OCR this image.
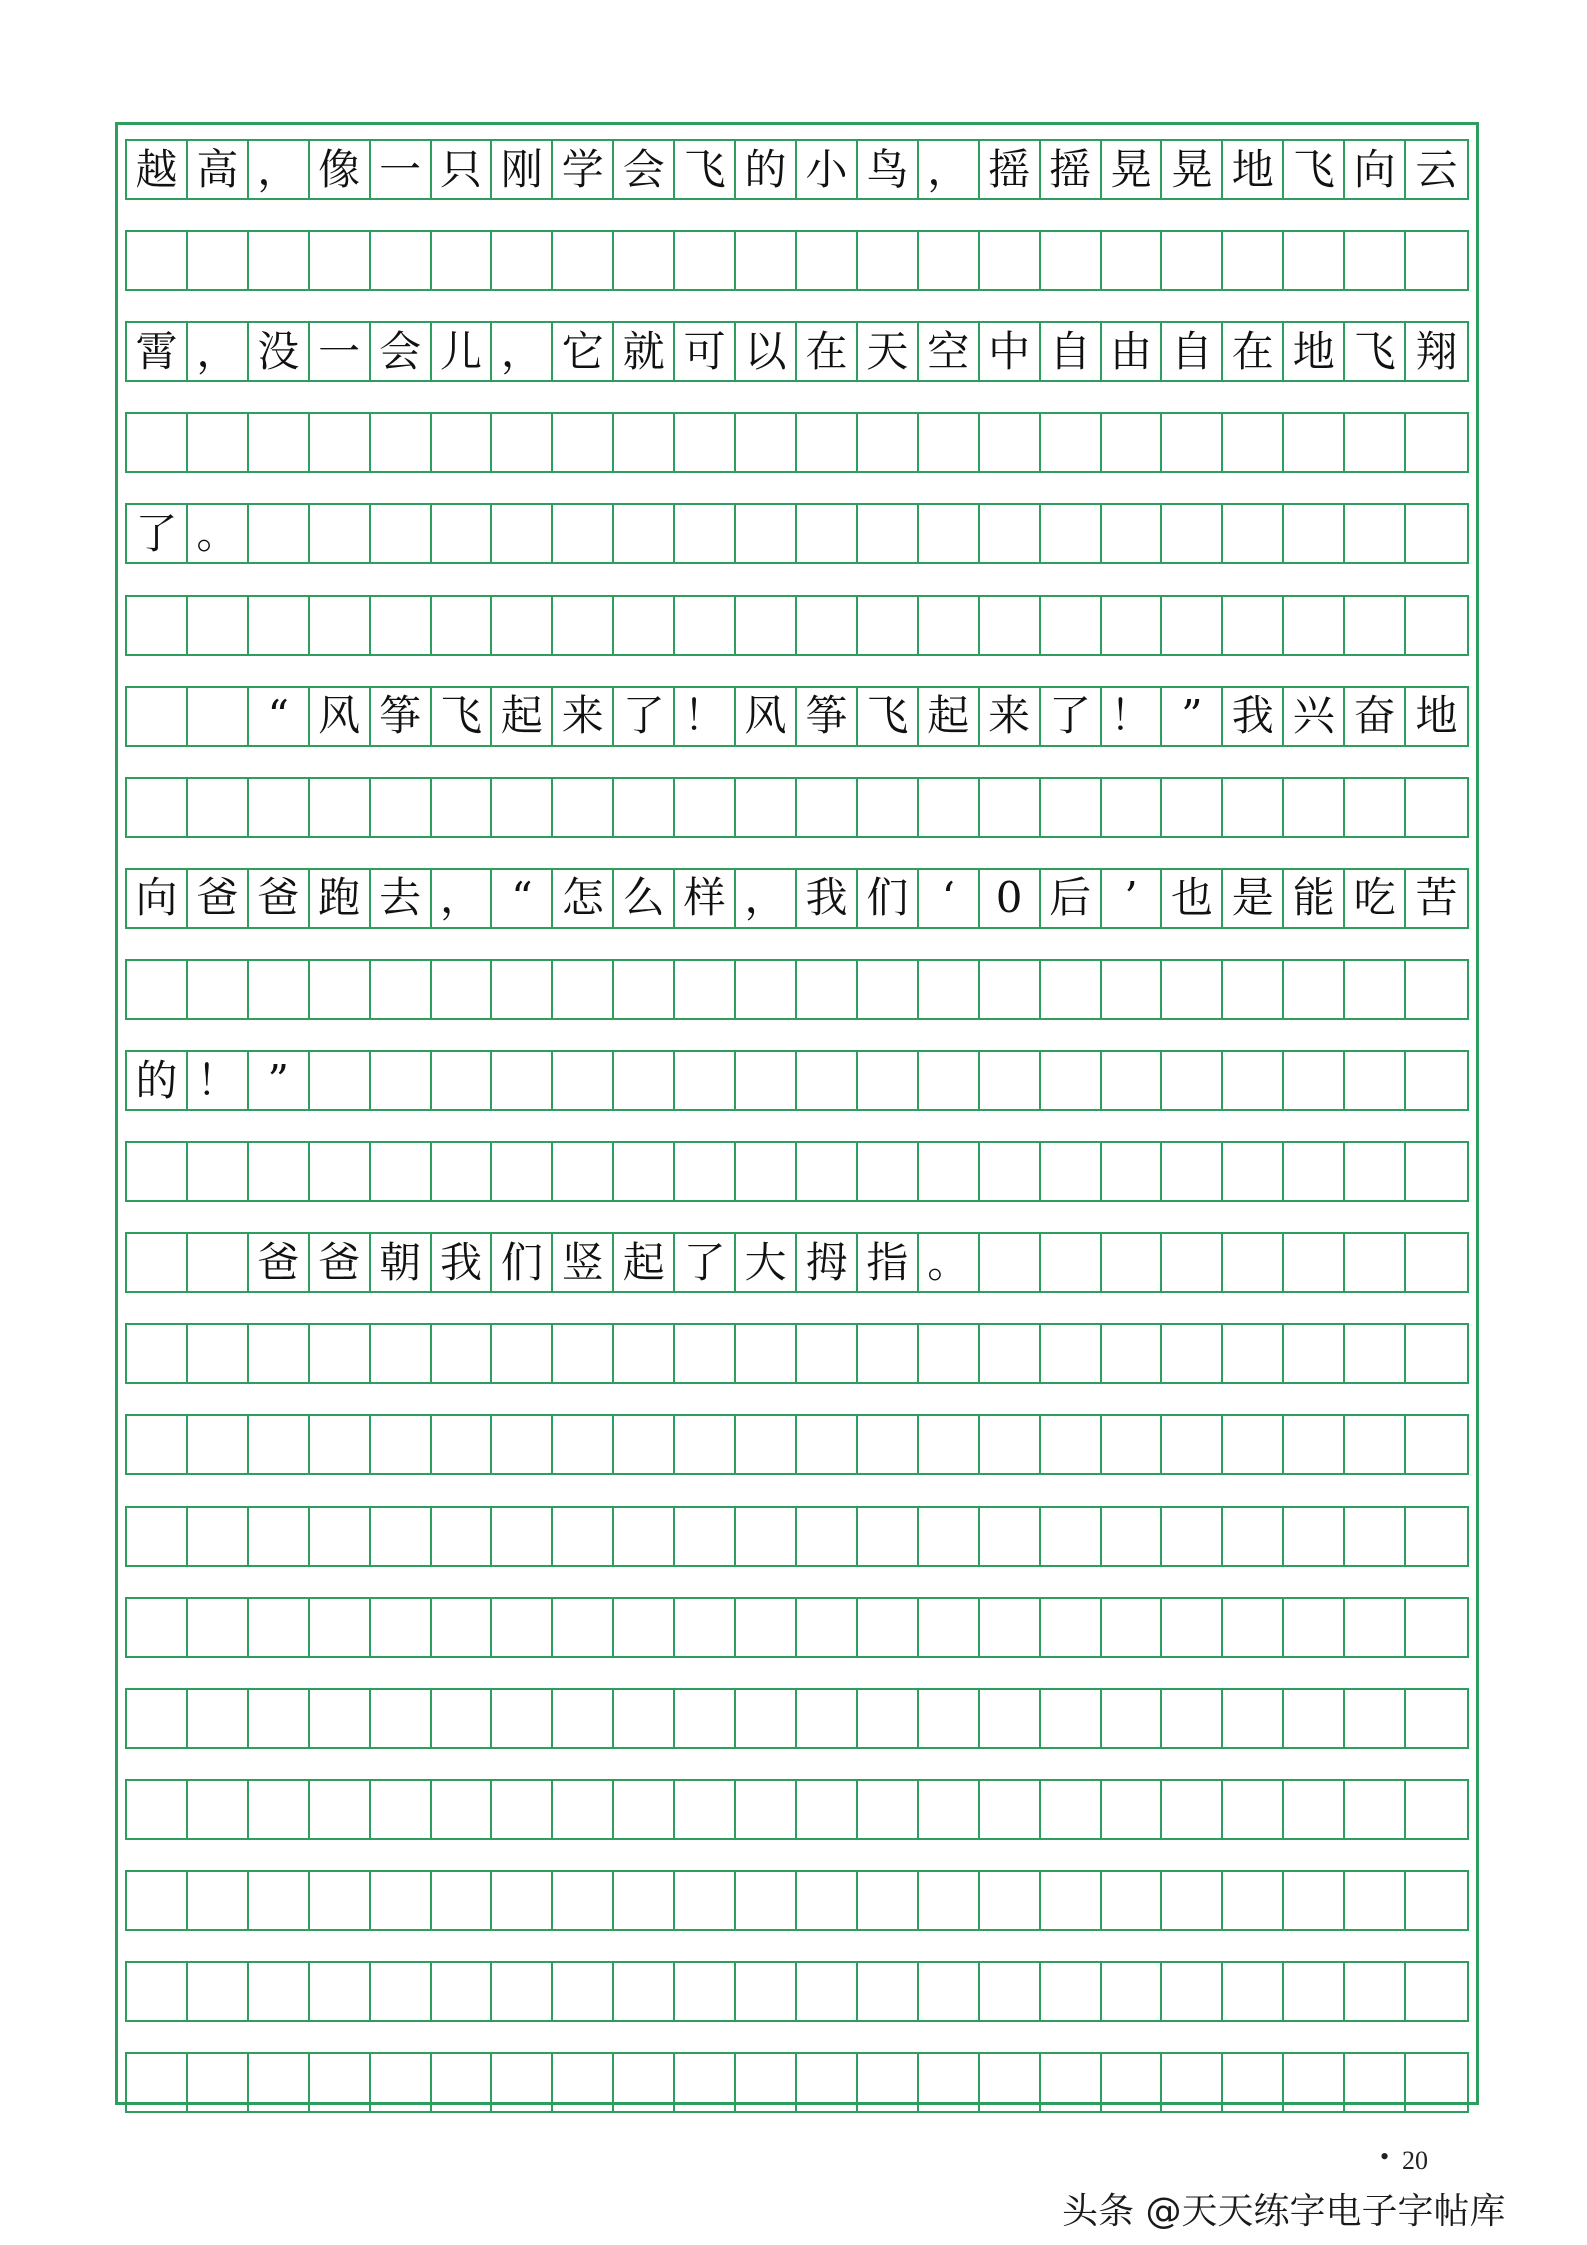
越 高 ， 像 一 只 刚 学 会 飞 的 小 鸟 ， 摇 摇 晃 晃 地 飞 向 云
霄 ， 没 一 会 儿 ， 它 就 可 以 在 天 空 中 自 由 自 在 地 飞 翔
了 。
“ 风 筝 飞 起 来 了 ！ 风 筝 飞 起 来 了 ！ ” 我 兴 奋 地
向 爸 爸 跑 去 ， “ 怎 么 样 ， 我 们 ‘ 0 后 ’ 也 是 能 吃 苦
的 ！ ”
爸 爸 朝 我 们 竖 起 了 大 拇 指 。
• 20
头条 @天天练字电子字帖库
